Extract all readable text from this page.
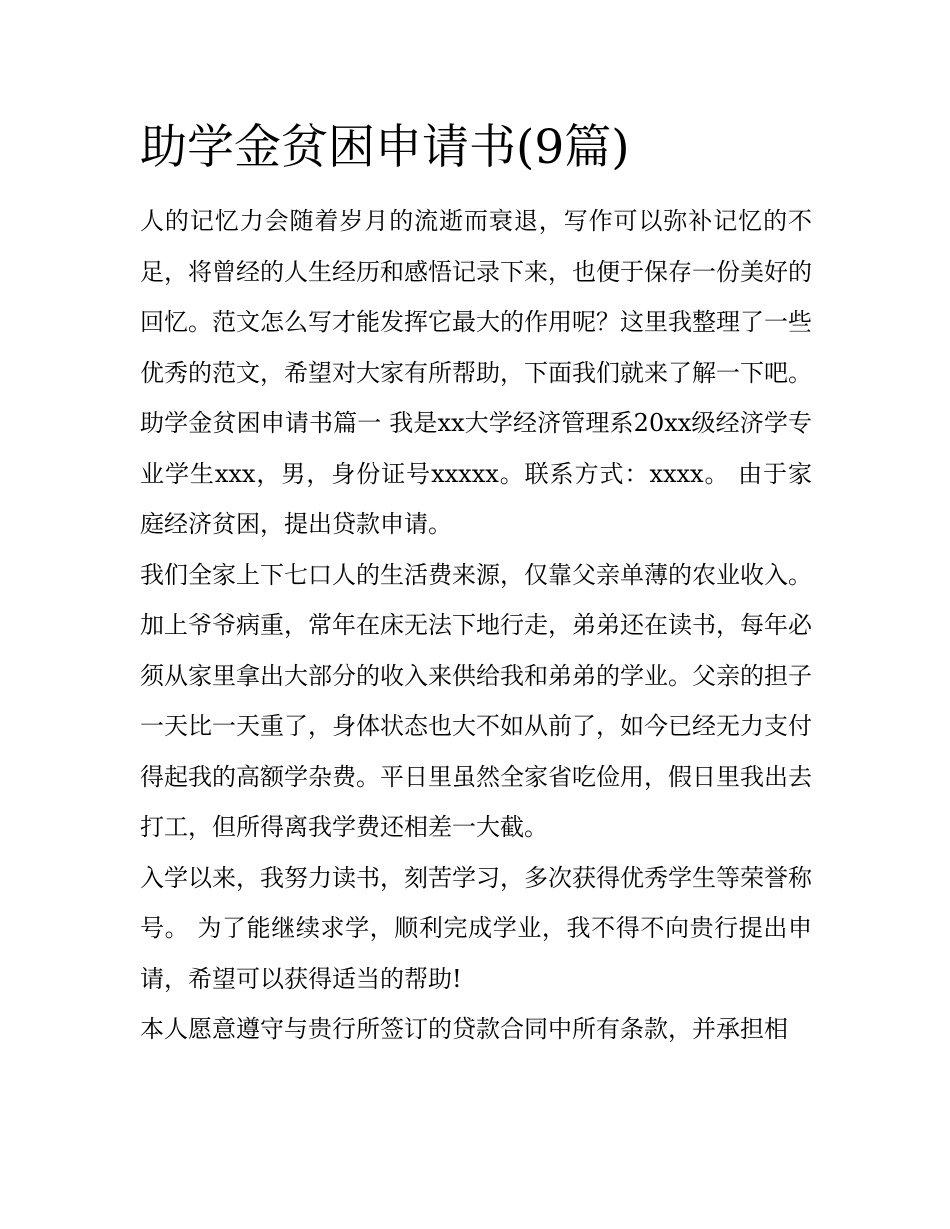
助学金贫困申请书(9篇)

人的记忆力会随着岁月的流逝而衰退，写作可以弥补记忆的不足，将曾经的人生经历和感悟记录下来，也便于保存一份美好的回忆。范文怎么写才能发挥它最大的作用呢？这里我整理了一些优秀的范文，希望对大家有所帮助，下面我们就来了解一下吧。

助学金贫困申请书篇一 我是xx大学经济管理系20xx级经济学专业学生xxx，男，身份证号xxxxx。联系方式：xxxx。 由于家庭经济贫困，提出贷款申请。

我们全家上下七口人的生活费来源，仅靠父亲单薄的农业收入。加上爷爷病重，常年在床无法下地行走，弟弟还在读书，每年必须从家里拿出大部分的收入来供给我和弟弟的学业。父亲的担子一天比一天重了，身体状态也大不如从前了，如今已经无力支付得起我的高额学杂费。平日里虽然全家省吃俭用，假日里我出去打工，但所得离我学费还相差一大截。

入学以来，我努力读书，刻苦学习，多次获得优秀学生等荣誉称号。 为了能继续求学，顺利完成学业，我不得不向贵行提出申请，希望可以获得适当的帮助!

本人愿意遵守与贵行所签订的贷款合同中所有条款，并承担相
